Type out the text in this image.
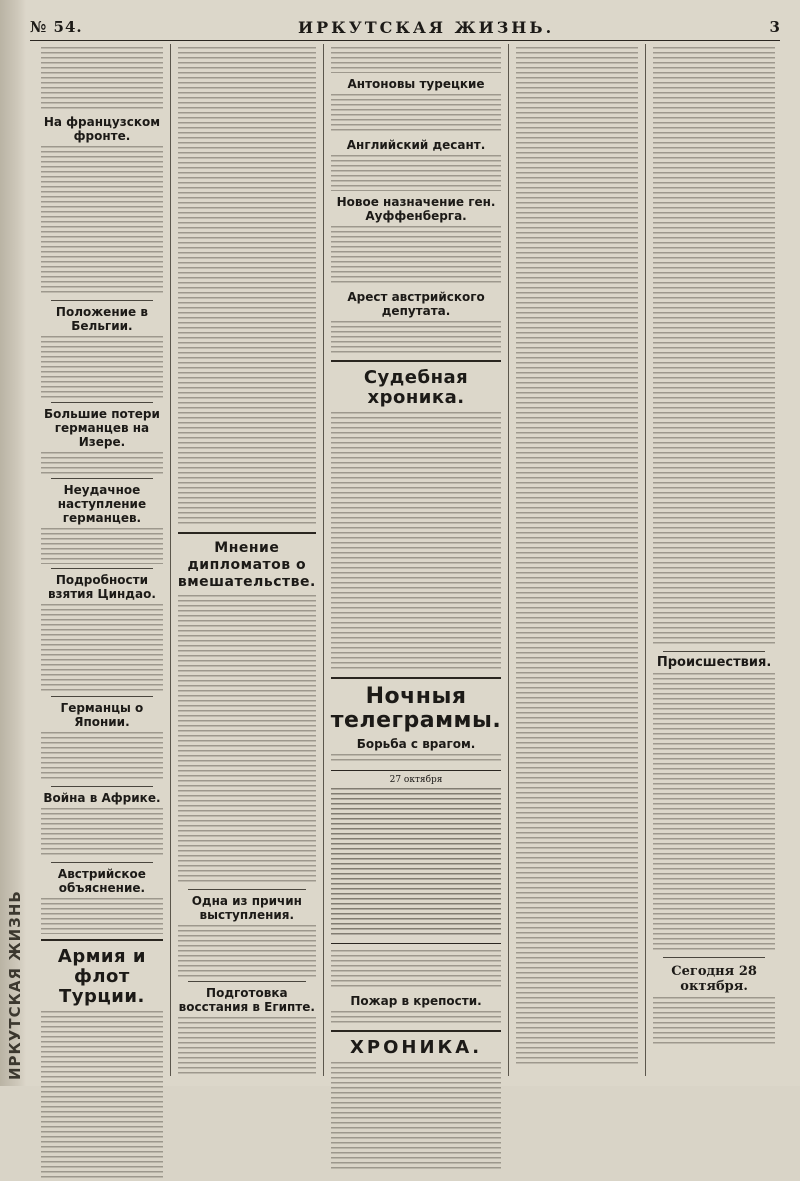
ИРКУТСКАЯ ЖИЗНЬ
№ 54.	ИРКУТСКАЯ ЖИЗНЬ.	3
На французском фронте.
Положение в Бельгии.
Большие потери германцев на Изере.
Неудачное наступление германцев.
Подробности взятия Циндао.
Германцы о Японии.
Война в Африке.
Австрийское объяснение.
Армия и флот Турции.
Мнение дипломатов о вмешательстве.
Одна из причин выступления.
Подготовка восстания в Египте.
Антоновы турецкие
Английский десант.
Новое назначение ген. Ауффенберга.
Арест австрийского депутата.
Судебная хроника.
Ночныя телеграммы.
Борьба с врагом.
27 октября
Пожар в крепости.
ХРОНИКА.
Происшествия.
Сегодня 28 октября.
